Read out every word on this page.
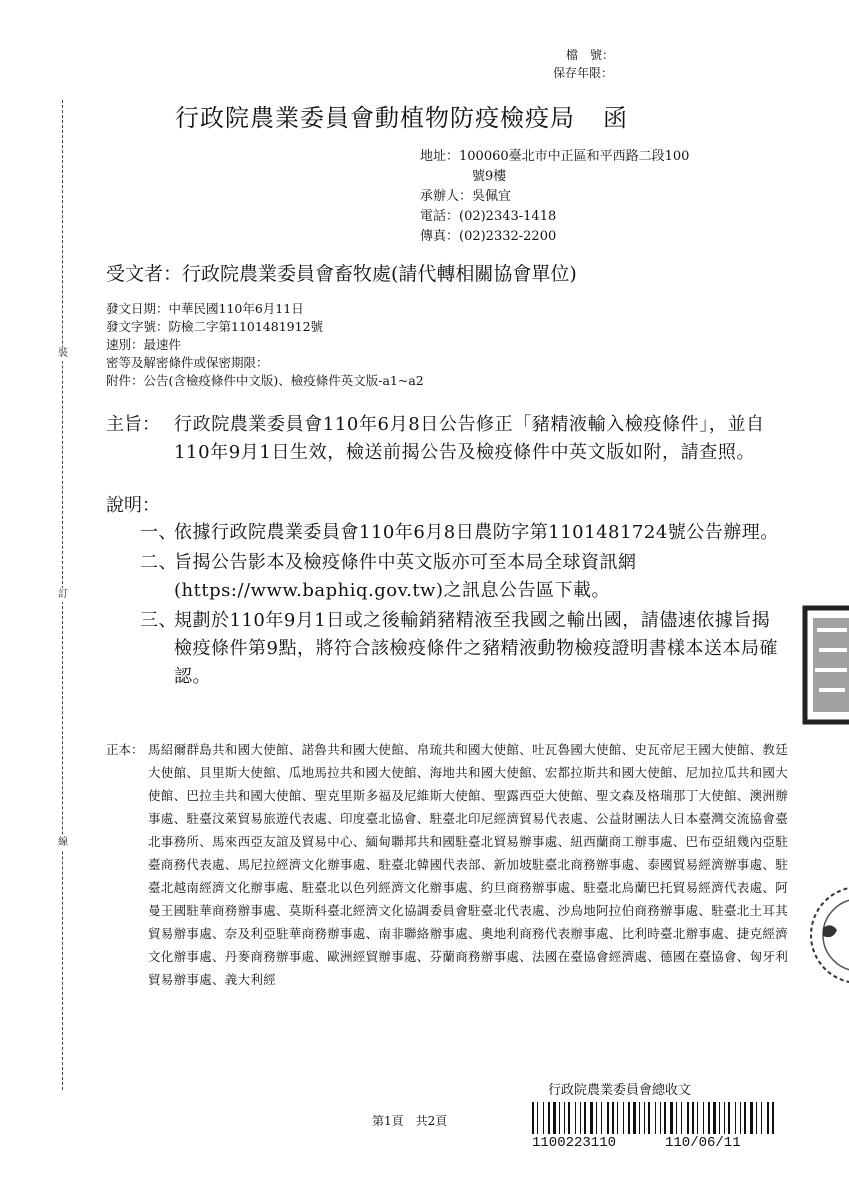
裝
訂
線
檔　號：
保存年限：
行政院農業委員會動植物防疫檢疫局 函
地址：100060臺北市中正區和平西路二段100
號9樓
承辦人：吳佩宜
電話：(02)2343-1418
傳真：(02)2332-2200
受文者：行政院農業委員會畜牧處(請代轉相關協會單位)
發文日期：中華民國110年6月11日
發文字號：防檢二字第1101481912號
速別：最速件
密等及解密條件或保密期限：
附件：公告(含檢疫條件中文版)、檢疫條件英文版-a1~a2
主旨： 行政院農業委員會110年6月8日公告修正「豬精液輸入檢疫條件」，並自110年9月1日生效，檢送前揭公告及檢疫條件中英文版如附，請查照。
說明：
一、
依據行政院農業委員會110年6月8日農防字第1101481724號公告辦理。
二、
旨揭公告影本及檢疫條件中英文版亦可至本局全球資訊網(https://www.baphiq.gov.tw)之訊息公告區下載。
三、
規劃於110年9月1日或之後輸銷豬精液至我國之輸出國，請儘速依據旨揭檢疫條件第9點，將符合該檢疫條件之豬精液動物檢疫證明書樣本送本局確認。
正本： 馬紹爾群島共和國大使館、諾魯共和國大使館、帛琉共和國大使館、吐瓦魯國大使館、史瓦帝尼王國大使館、教廷大使館、貝里斯大使館、瓜地馬拉共和國大使館、海地共和國大使館、宏都拉斯共和國大使館、尼加拉瓜共和國大使館、巴拉圭共和國大使館、聖克里斯多福及尼維斯大使館、聖露西亞大使館、聖文森及格瑞那丁大使館、澳洲辦事處、駐臺汶萊貿易旅遊代表處、印度臺北協會、駐臺北印尼經濟貿易代表處、公益財團法人日本臺灣交流協會臺北事務所、馬來西亞友誼及貿易中心、緬甸聯邦共和國駐臺北貿易辦事處、紐西蘭商工辦事處、巴布亞紐幾內亞駐臺商務代表處、馬尼拉經濟文化辦事處、駐臺北韓國代表部、新加坡駐臺北商務辦事處、泰國貿易經濟辦事處、駐臺北越南經濟文化辦事處、駐臺北以色列經濟文化辦事處、約旦商務辦事處、駐臺北烏蘭巴托貿易經濟代表處、阿曼王國駐華商務辦事處、莫斯科臺北經濟文化協調委員會駐臺北代表處、沙烏地阿拉伯商務辦事處、駐臺北土耳其貿易辦事處、奈及利亞駐華商務辦事處、南非聯絡辦事處、奧地利商務代表辦事處、比利時臺北辦事處、捷克經濟文化辦事處、丹麥商務辦事處、歐洲經貿辦事處、芬蘭商務辦事處、法國在臺協會經濟處、德國在臺協會、匈牙利貿易辦事處、義大利經
第1頁　共2頁
行政院農業委員會總收文
1100223110	110/06/11
